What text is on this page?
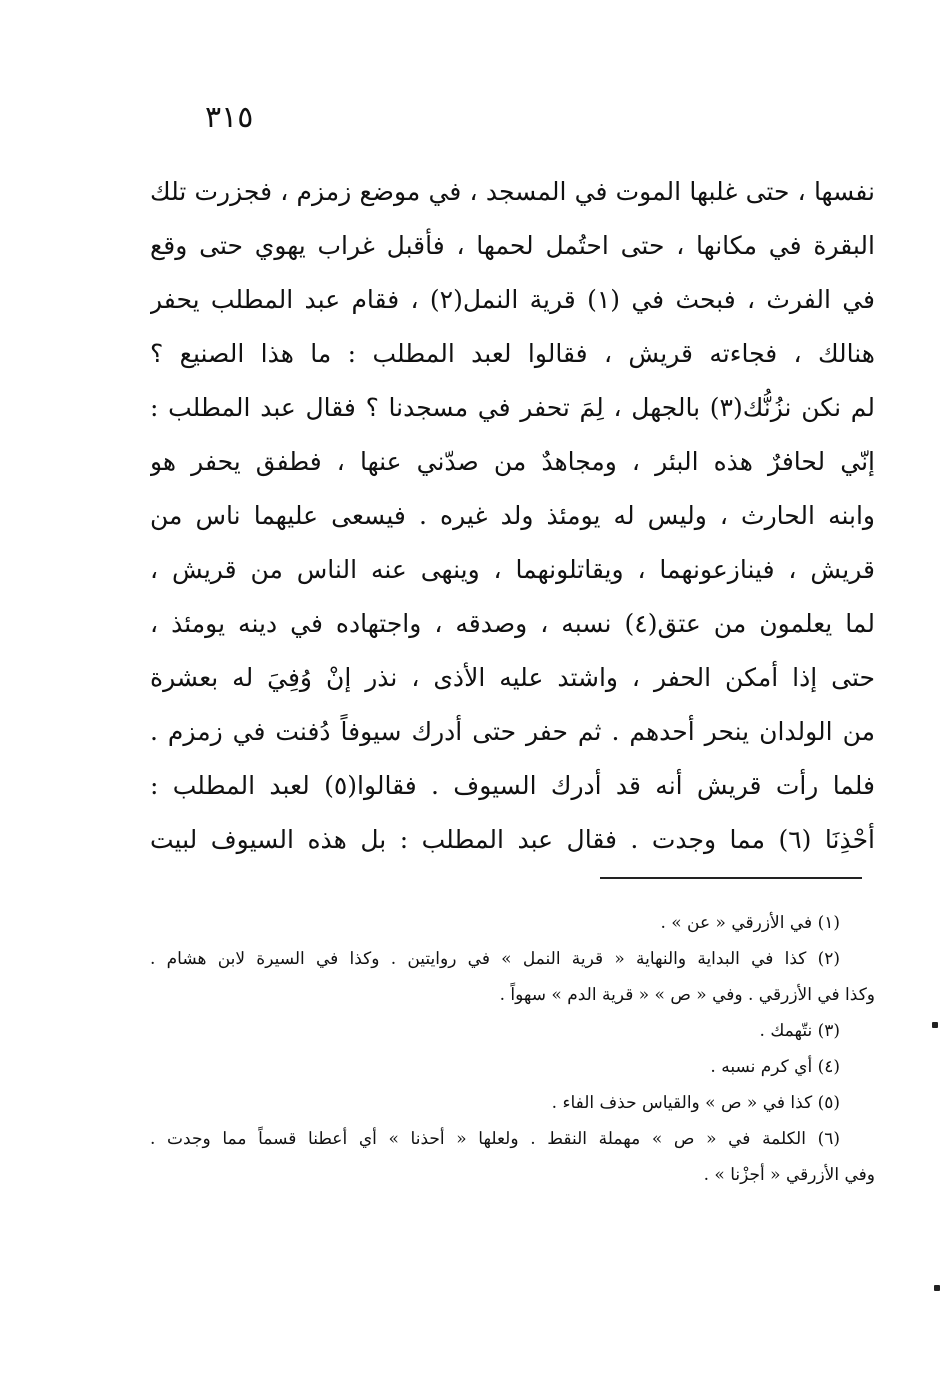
٣١٥
نفسها ، حتى غلبها الموت في المسجد ، في موضع زمزم ، فجزرت تلك
البقرة في مكانها ، حتى احتُمل لحمها ، فأقبل غراب يهوي حتى وقع
في الفرث ، فبحث في (١) قرية النمل(٢) ، فقام عبد المطلب يحفر
هنالك ، فجاءته قريش ، فقالوا لعبد المطلب : ما هذا الصنيع ؟
لم نكن نزُنُّك(٣) بالجهل ، لِمَ تحفر في مسجدنا ؟ فقال عبد المطلب :
إنّي لحافرٌ هذه البئر ، ومجاهدٌ من صدّني عنها ، فطفق يحفر هو
وابنه الحارث ، وليس له يومئذ ولد غيره . فيسعى عليهما ناس من
قريش ، فينازعونهما ، ويقاتلونهما ، وينهى عنه الناس من قريش ،
لما يعلمون من عتق(٤) نسبه ، وصدقه ، واجتهاده في دينه يومئذ ،
حتى إذا أمكن الحفر ، واشتد عليه الأذى ، نذر إنْ وُفِيَ له بعشرة
من الولدان ينحر أحدهم . ثم حفر حتى أدرك سيوفاً دُفنت في زمزم .
فلما رأت قريش أنه قد أدرك السيوف . فقالوا(٥) لعبد المطلب :
أحْذِنَا (٦) مما وجدت . فقال عبد المطلب : بل هذه السيوف لبيت
(١) في الأزرقي « عن » .
(٢) كذا في البداية والنهاية « قرية النمل » في روايتين . وكذا في السيرة لابن هشام .
وكذا في الأزرقي . وفي « ص » « قرية الدم » سهواً .
(٣) نتّهمك .
(٤) أي كرم نسبه .
(٥) كذا في « ص » والقياس حذف الفاء .
(٦) الكلمة في « ص » مهملة النقط . ولعلها « أحذنا » أي أعطنا قسماً مما وجدت .
وفي الأزرقي « أجزْنا » .
